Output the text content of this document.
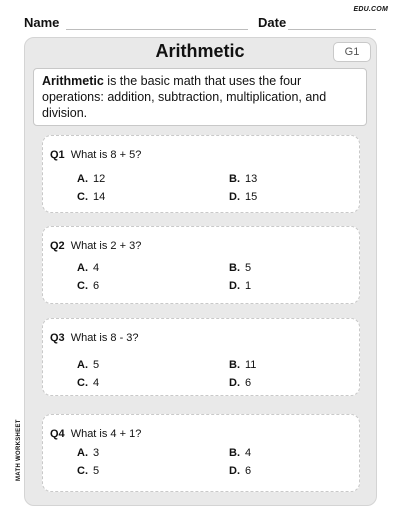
EDU.COM
Name	Date
Arithmetic	G1
Arithmetic is the basic math that uses the four operations: addition, subtraction, multiplication, and division.
Q1 What is 8 + 5?
A. 12	B. 13
C. 14	D. 15
Q2 What is 2 + 3?
A. 4	B. 5
C. 6	D. 1
Q3 What is 8 - 3?
A. 5	B. 11
C. 4	D. 6
Q4 What is 4 + 1?
A. 3	B. 4
C. 5	D. 6
MATH WORKSHEET
